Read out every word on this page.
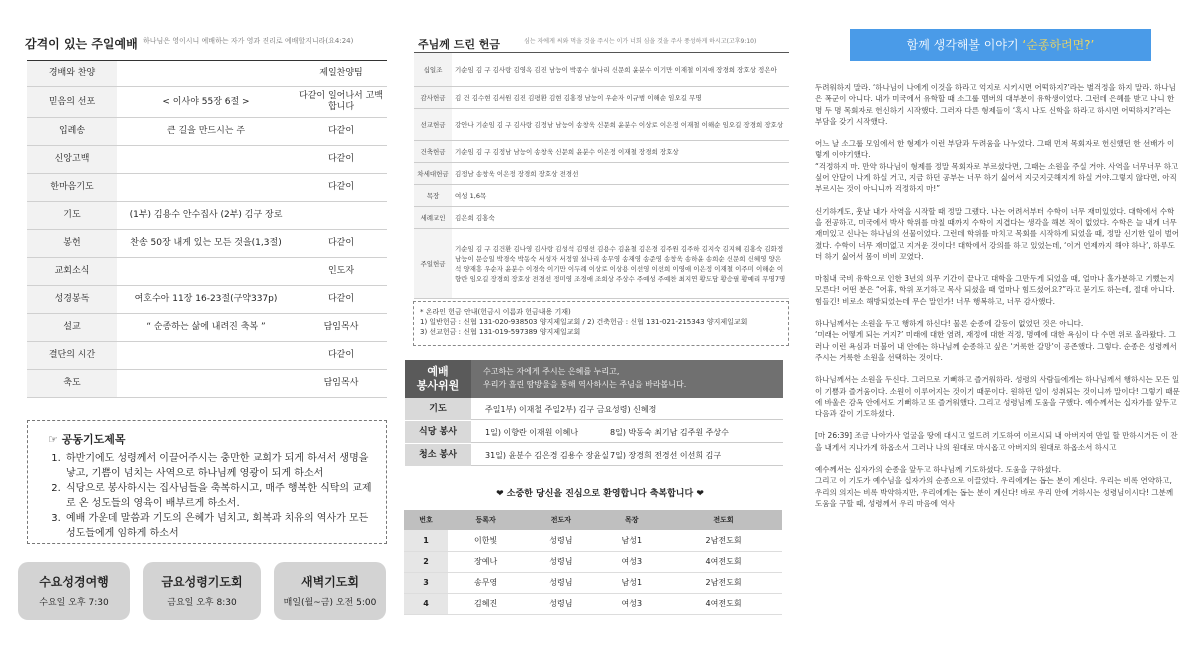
감격이 있는 주일예배 하나님은 영이시니 예배하는 자가 영과 진리로 예배할지니라(요4:24)
경배와 찬양		제일찬양팀
믿음의 선포	< 이사야 55장 6절 >	다같이 일어나서 고백합니다
입례송	큰 길을 만드시는 주	다같이
신앙고백		다같이
한마음기도		다같이
기도	(1부) 김용수 안수집사 (2부) 김구 장로	
봉헌	찬송 50장 내게 있는 모든 것을(1,3절)	다같이
교회소식		인도자
성경봉독	여호수아 11장 16-23절(구약337p)	다같이
설교	“ 순종하는 삶에 내려진 축복 ”	담임목사
결단의 시간		다같이
축도		담임목사
☞ 공동기도제목
1. 하반기에도 성령께서 이끌어주시는 충만한 교회가 되게 하셔서 생명을 낳고, 기쁨이 넘치는 사역으로 하나님께 영광이 되게 하소서
2. 식당으로 봉사하시는 집사님들을 축복하시고, 매주 행복한 식탁의 교제로 온 성도들의 영육이 배부르게 하소서.
3. 예배 가운데 말씀과 기도의 은혜가 넘치고, 회복과 치유의 역사가 모든 성도들에게 임하게 하소서
수요성경여행
수요일 오후 7:30
금요성령기도회
금요일 오후 8:30
새벽기도회
매일(월~금) 오전 5:00
주님께 드린 헌금	심는 자에게 씨와 먹을 것을 주시는 이가 너희 심을 것을 주사 풍성하게 하시고(고후9:10)
십일조	기순임 김 구 김사랑 김영옥 김진 남능이 박종수 설나리 신문희 윤분수 이기만 이재철 이지애 장경희 장호상 정은아
감사헌금	김 건 김수현 김서원 김진 김평환 김현 김홍경 남능이 우순자 이규범 이해순 임오길 무명
선교헌금	강안나 기순임 김 구 김사랑 김정남 남능이 송창욱 신문희 윤분수 이상로 이은정 이재철 이해순 임오길 장경희 장호상
건축헌금	기순임 김 구 김정남 남능이 송창욱 신문희 윤분수 이은정 이재철 장경희 장호상
차세대헌금	김정남 송창욱 이은정 장경희 장호상 전경선
목장	여성 1,6목
세례교인	김은희 김홍숙
주일헌금	기순임 김 구 김건환 김나영 김사랑 김성석 김영선 김용수 김윤철 김은경 김주원 김주하 김지숙 김지혜 김홍숙 김화정 남능이 문승일 박경숙 박동숙 서성자 서정열 설나리 송무영 송재영 송준영 송창욱 송하윤 송희순 신문희 신혜영 양은석 양재흥 우순자 윤분수 이경숙 이기만 이두례 이상로 이상용 이선영 이선희 이영애 이은정 이재철 이주미 이해순 이향란 임오길 장경희 장호상 전경선 정미영 조경애 조희상 주상수 주예성 주예찬 최지연 황도담 황승필 황예리 무명7명
* 온라인 헌금 안내(헌금시 이름과 헌금내용 기재)
1) 일반헌금 : 신협 131-020-938503 양지제일교회 / 2) 건축헌금 : 신협 131-021-215343 양지제일교회
3) 선교헌금 : 신협 131-019-597389 양지제일교회
예배
봉사위원
수고하는 자에게 주시는 은혜를 누리고,
우리가 흘린 땀방울을 통해 역사하시는 주님을 바라봅니다.
기도	주일1부) 이재철 주일2부) 김구 금요성령) 신혜정
식당 봉사	1일) 이향란 이재원 이혜나	8일) 박동숙 최기남 김주원 주상수
청소 봉사	31일) 윤분수 김은경 김용수 장윤실 7일) 장경희 전경선 이선희 김구
❤ 소중한 당신을 진심으로 환영합니다 축복합니다 ❤
번호	등록자	전도자	목장	전도회
1	이한빛	성령님	남성1	2남전도회
2	장예나	성령님	여성3	4여전도회
3	송무영	성령님	남성1	2남전도회
4	김혜진	성령님	여성3	4여전도회
함께 생각해볼 이야기 ‘순종하려면?’

두려워하지 말라. ‘하나님이 나에게 이것을 하라고 억지로 시키시면 어떡하지?’라는 별걱정을 하지 말라. 하나님은 폭군이 아니다. 내가 미국에서 유학할 때 소그룹 멤버의 대부분이 유학생이었다. 그런데 은혜를 받고 나니 한 명 두 명 목회자로 헌신하기 시작했다. 그러자 다른 형제들이 ‘혹시 나도 신학을 하라고 하시면 어떡하지?’라는 부담을 갖기 시작했다.

어느 날 소그룹 모임에서 한 형제가 이런 부담과 두려움을 나누었다. 그때 먼저 목회자로 헌신했던 한 선배가 이렇게 이야기했다.
“걱정하지 마. 만약 하나님이 형제를 정말 목회자로 부르셨다면, 그때는 소원을 주실 거야. 사역을 너무너무 하고 싶어 안달이 나게 하실 거고, 지금 하던 공부는 너무 하기 싫어서 지긋지긋해지게 하실 거야.그렇지 않다면, 아직 부르시는 것이 아니니까 걱정하지 마!”

신기하게도, 훗날 내가 사역을 시작할 때 정말 그랬다. 나는 어려서부터 수학이 너무 재미있었다. 대학에서 수학을 전공하고, 미국에서 박사 학위를 마칠 때까지 수학이 지겹다는 생각을 해본 적이 없었다. 수학은 늘 내게 너무 재미있고 신나는 하나님의 선물이었다. 그런데 학위를 마치고 목회를 시작하게 되었을 때, 정말 신기한 일이 벌어졌다. 수학이 너무 재미없고 지겨운 것이다! 대학에서 강의를 하고 있었는데, ‘이거 언제까지 해야 하나’, 하루도 더 하기 싫어서 몸이 비비 꼬였다.

마침내 국비 유학으로 인한 3년의 의무 기간이 끝나고 대학을 그만두게 되었을 때, 얼마나 홀가분하고 기뻤는지 모른다! 어떤 분은 “어휴, 학위 포기하고 목사 되셨을 때 얼마나 힘드셨어요?”라고 묻기도 하는데, 절대 아니다. 힘들긴! 비로소 해방되었는데 무슨 말인가! 너무 행복하고, 너무 감사했다.

하나님께서는 소원을 두고 행하게 하신다! 물론 순종에 갈등이 없었던 것은 아니다.
‘미래는 어떻게 되는 거지?’ 미래에 대한 염려, 재정에 대한 걱정, 명예에 대한 욕심이 다 수면 위로 올라왔다. 그러나 이런 욕심과 더불어 내 안에는 하나님께 순종하고 싶은 ‘거룩한 갈망’이 공존했다. 그렇다. 순종은 성령께서 주시는 거룩한 소원을 선택하는 것이다.

하나님께서는 소원을 두신다. 그러므로 기뻐하고 즐거워하라. 성령의 사람들에게는 하나님께서 행하시는 모든 일이 기쁨과 즐거움이다. 소원이 이루어지는 것이기 때문이다. 원하던 일이 성취되는 것이니까 말이다! 그렇기 때문에 바울은 감옥 안에서도 기뻐하고 또 즐거워했다. 그리고 성령님께 도움을 구했다. 예수께서는 십자가를 앞두고 다음과 같이 기도하셨다.

[마 26:39] 조금 나아가사 얼굴을 땅에 대시고 엎드려 기도하여 이르시되 내 아버지여 만일 할 만하시거든 이 잔을 내게서 지나가게 하옵소서 그러나 나의 원대로 마시옵고 아버지의 원대로 하옵소서 하시고

예수께서는 십자가의 순종을 앞두고 하나님께 기도하셨다. 도움을 구하셨다.
그리고 이 기도가 예수님을 십자가의 순종으로 이끌었다. 우리에게는 돕는 분이 계신다. 우리는 비록 연약하고, 우리의 의지는 비록 박약하지만, 우리에게는 돕는 분이 계신다! 바로 우리 안에 거하시는 성령님이시다! 그분께 도움을 구할 때, 성령께서 우리 마음에 역사
